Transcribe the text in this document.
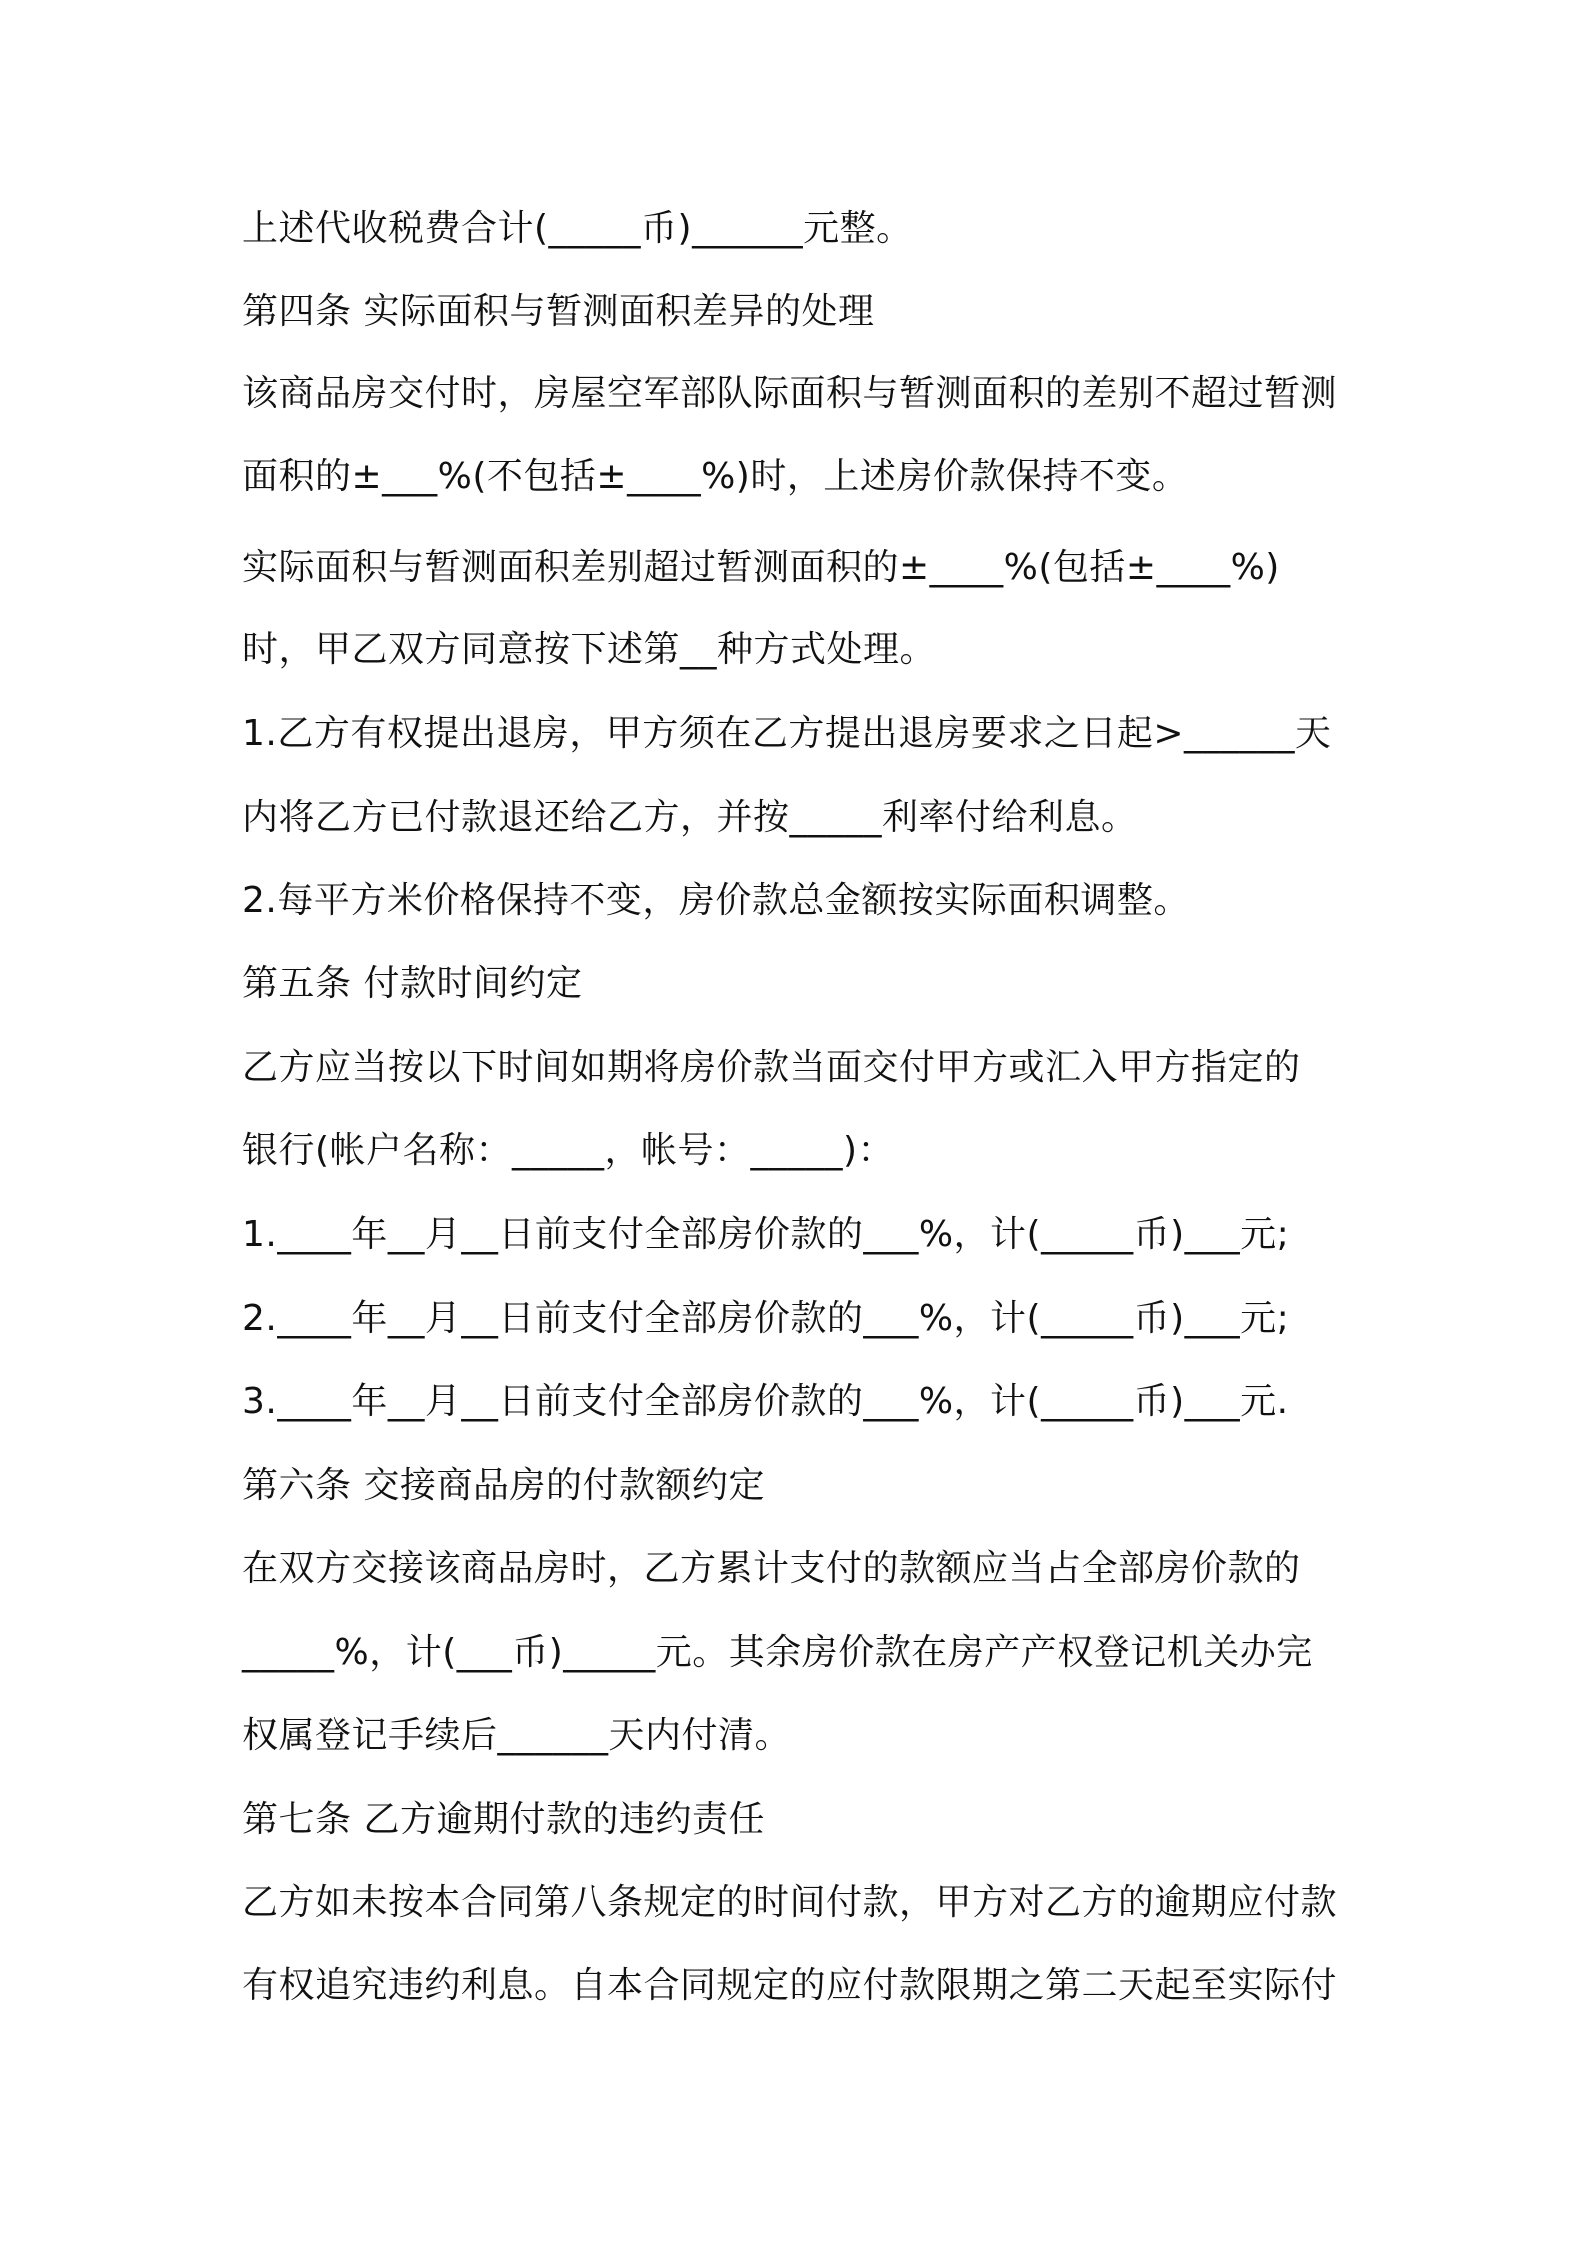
上述代收税费合计(_____币)______元整。
第四条 实际面积与暂测面积差异的处理
该商品房交付时，房屋空军部队际面积与暂测面积的差别不超过暂测
面积的±___%(不包括±____%)时，上述房价款保持不变。
实际面积与暂测面积差别超过暂测面积的±____%(包括±____%)
时，甲乙双方同意按下述第__种方式处理。
1.乙方有权提出退房，甲方须在乙方提出退房要求之日起>______天
内将乙方已付款退还给乙方，并按_____利率付给利息。
2.每平方米价格保持不变，房价款总金额按实际面积调整。
第五条 付款时间约定
乙方应当按以下时间如期将房价款当面交付甲方或汇入甲方指定的
银行(帐户名称：_____，帐号：_____)：
1.____年__月__日前支付全部房价款的___%，计(_____币)___元;
2.____年__月__日前支付全部房价款的___%，计(_____币)___元;
3.____年__月__日前支付全部房价款的___%，计(_____币)___元.
第六条 交接商品房的付款额约定
在双方交接该商品房时，乙方累计支付的款额应当占全部房价款的
_____%，计(___币)_____元。其余房价款在房产产权登记机关办完
权属登记手续后______天内付清。
第七条 乙方逾期付款的违约责任
乙方如未按本合同第八条规定的时间付款，甲方对乙方的逾期应付款
有权追究违约利息。自本合同规定的应付款限期之第二天起至实际付
